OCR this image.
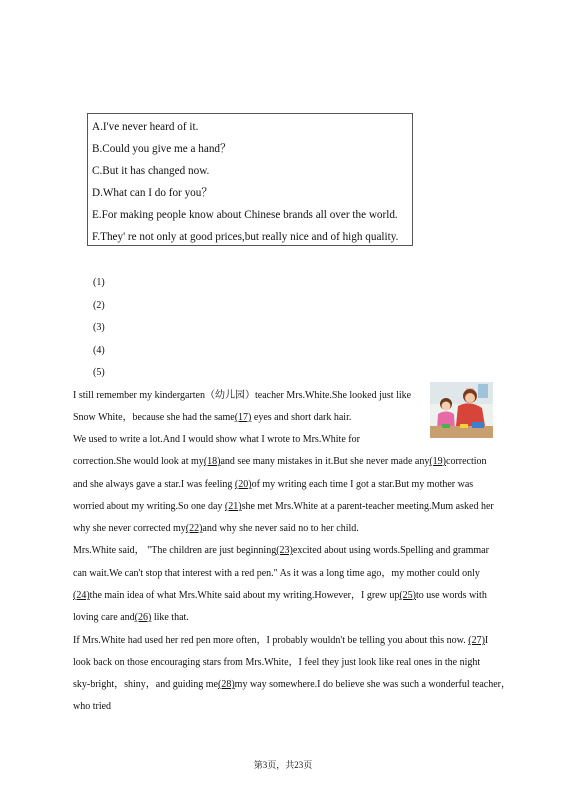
A.I've never heard of it.
B.Could you give me a hand？
C.But it has changed now.
D.What can I do for you？
E.For making people know about Chinese brands all over the world.
F.They' re not only at good prices,but really nice and of high quality.
(1)
(2)
(3)
(4)
(5)
I still remember my kindergarten（幼儿园）teacher Mrs.White.She looked just like
Snow White，because she had the same(17) eyes and short dark hair.
We used to write a lot.And I would show what I wrote to Mrs.White for
correction.She would look at my(18)and see many mistakes in it.But she never made any(19)correction
and she always gave a star.I was feeling (20)of my writing each time I got a star.But my mother was
worried about my writing.So one day (21)she met Mrs.White at a parent-teacher meeting.Mum asked her
why she never corrected my(22)and why she never said no to her child.
Mrs.White said， "The children are just beginning(23)excited about using words.Spelling and grammar
can wait.We can't stop that interest with a red pen." As it was a long time ago，my mother could only
(24)the main idea of what Mrs.White said about my writing.However，I grew up(25)to use words with
loving care and(26) like that.
If Mrs.White had used her red pen more often，I probably wouldn't be telling you about this now. (27)I
look back on those encouraging stars from Mrs.White，I feel they just look like real ones in the night
sky-bright，shiny，and guiding me(28)my way somewhere.I do believe she was such a wonderful teacher，
who tried
第3页，共23页
